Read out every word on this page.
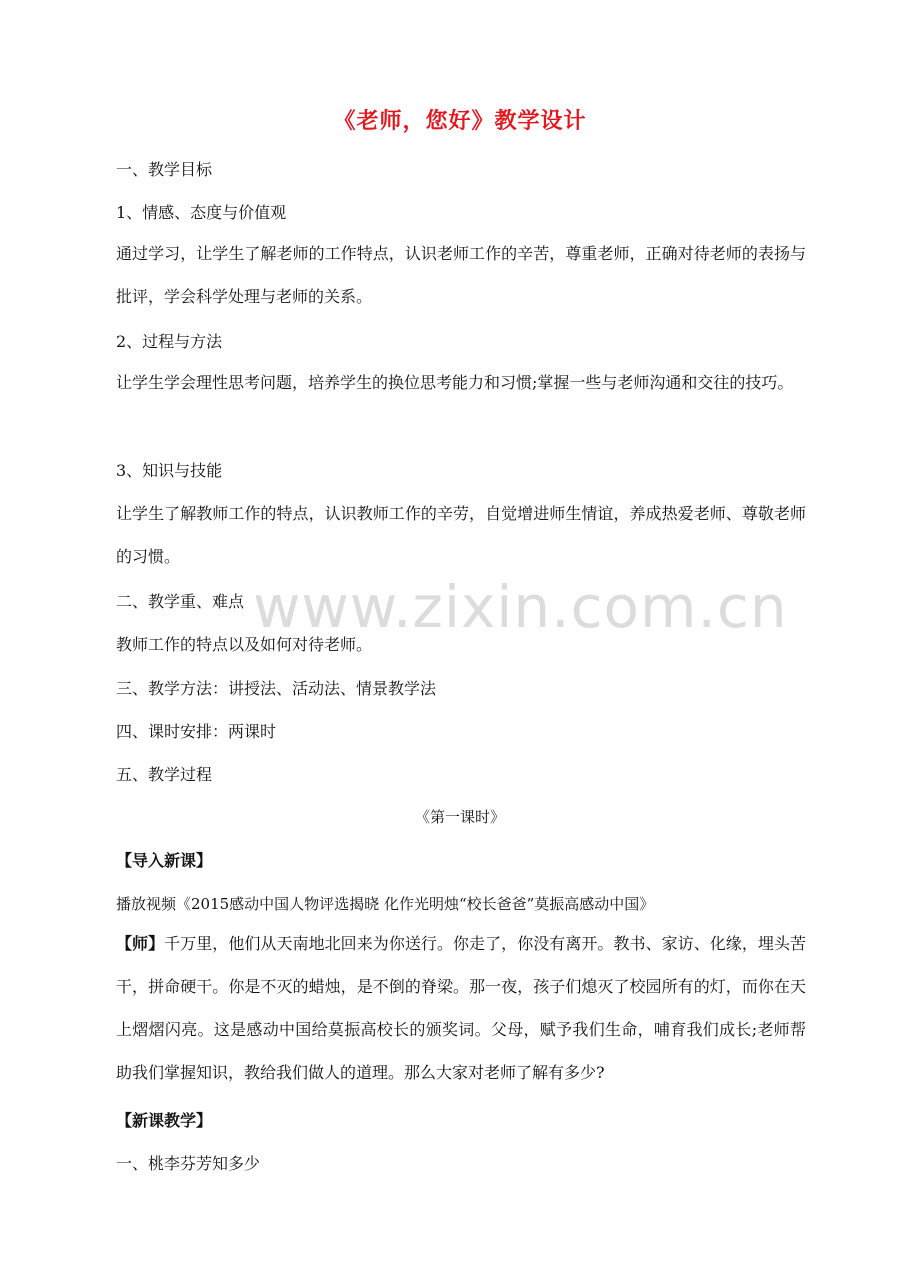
www.zixin.com.cn
《老师，您好》教学设计
一、教学目标
1、情感、态度与价值观
通过学习，让学生了解老师的工作特点，认识老师工作的辛苦，尊重老师，正确对待老师的表扬与批评，学会科学处理与老师的关系。
2、过程与方法
让学生学会理性思考问题，培养学生的换位思考能力和习惯;掌握一些与老师沟通和交往的技巧。
3、知识与技能
让学生了解教师工作的特点，认识教师工作的辛劳，自觉增进师生情谊，养成热爱老师、尊敬老师的习惯。
二、教学重、难点
教师工作的特点以及如何对待老师。
三、教学方法：讲授法、活动法、情景教学法
四、课时安排：两课时
五、教学过程
《第一课时》
【导入新课】
播放视频《2015感动中国人物评选揭晓 化作光明烛“校长爸爸”莫振高感动中国》
【师】千万里，他们从天南地北回来为你送行。你走了，你没有离开。教书、家访、化缘，埋头苦干，拼命硬干。你是不灭的蜡烛，是不倒的脊梁。那一夜，孩子们熄灭了校园所有的灯，而你在天上熠熠闪亮。这是感动中国给莫振高校长的颁奖词。父母，赋予我们生命，哺育我们成长;老师帮助我们掌握知识，教给我们做人的道理。那么大家对老师了解有多少?
【新课教学】
一、桃李芬芳知多少
